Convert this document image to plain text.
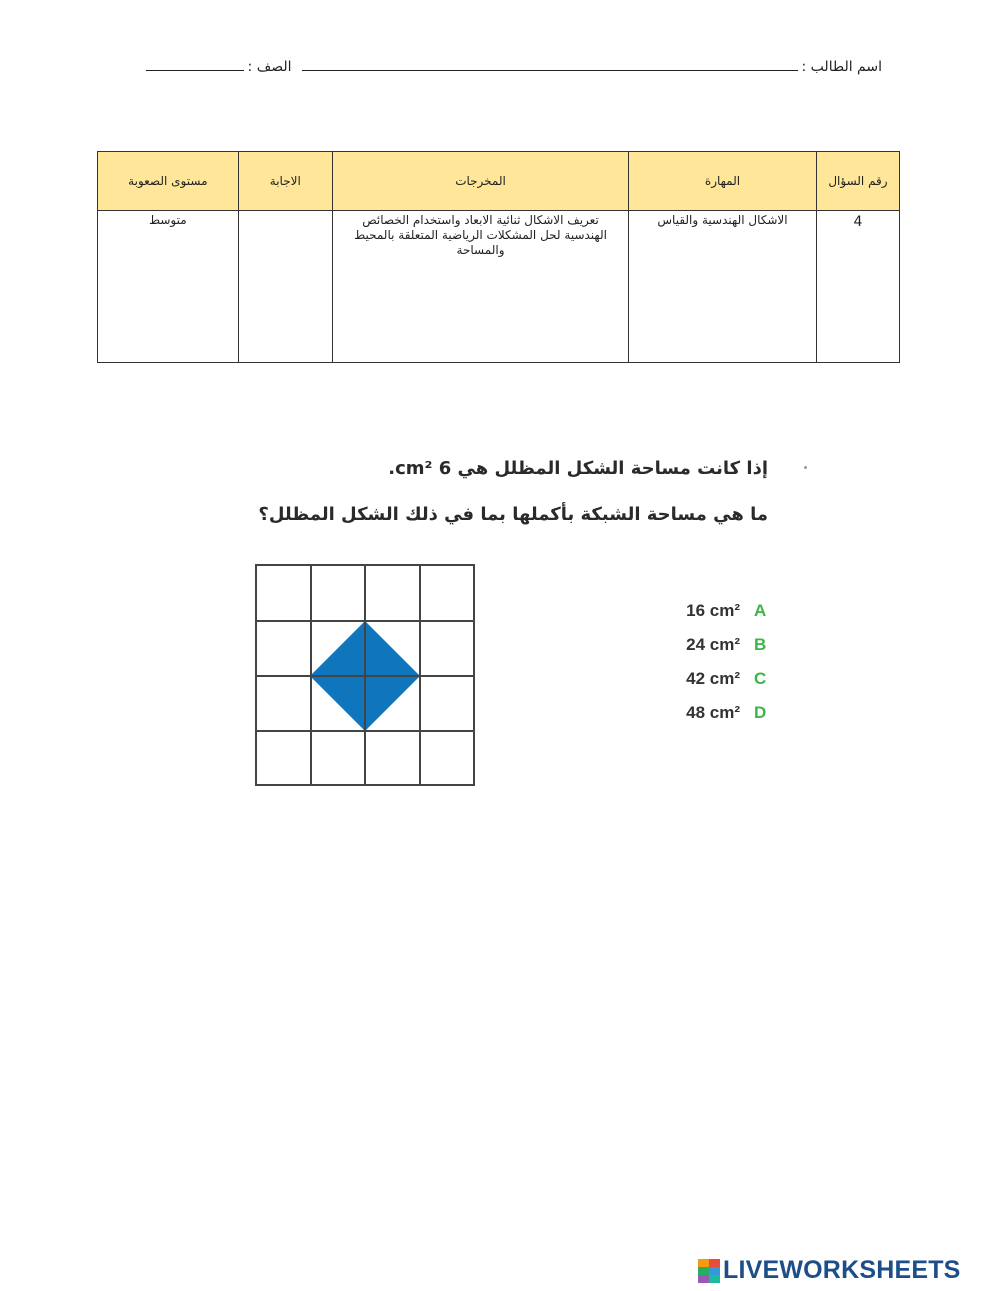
اسم الطالب :
الصف :
رقم السؤال	المهارة	المخرجات	الاجابة	مستوى الصعوبة
4	الاشكال الهندسية والقياس	تعريف الاشكال ثنائية الابعاد واستخدام الخصائص الهندسية لحل المشكلات الرياضية المتعلقة بالمحيط والمساحة		متوسط
إذا كانت مساحة الشكل المظلل هي 6 cm².
ما هي مساحة الشبكة بأكملها بما في ذلك الشكل المظلل؟
16 cm² A
24 cm² B
42 cm² C
48 cm² D
LIVEWORKSHEETS
